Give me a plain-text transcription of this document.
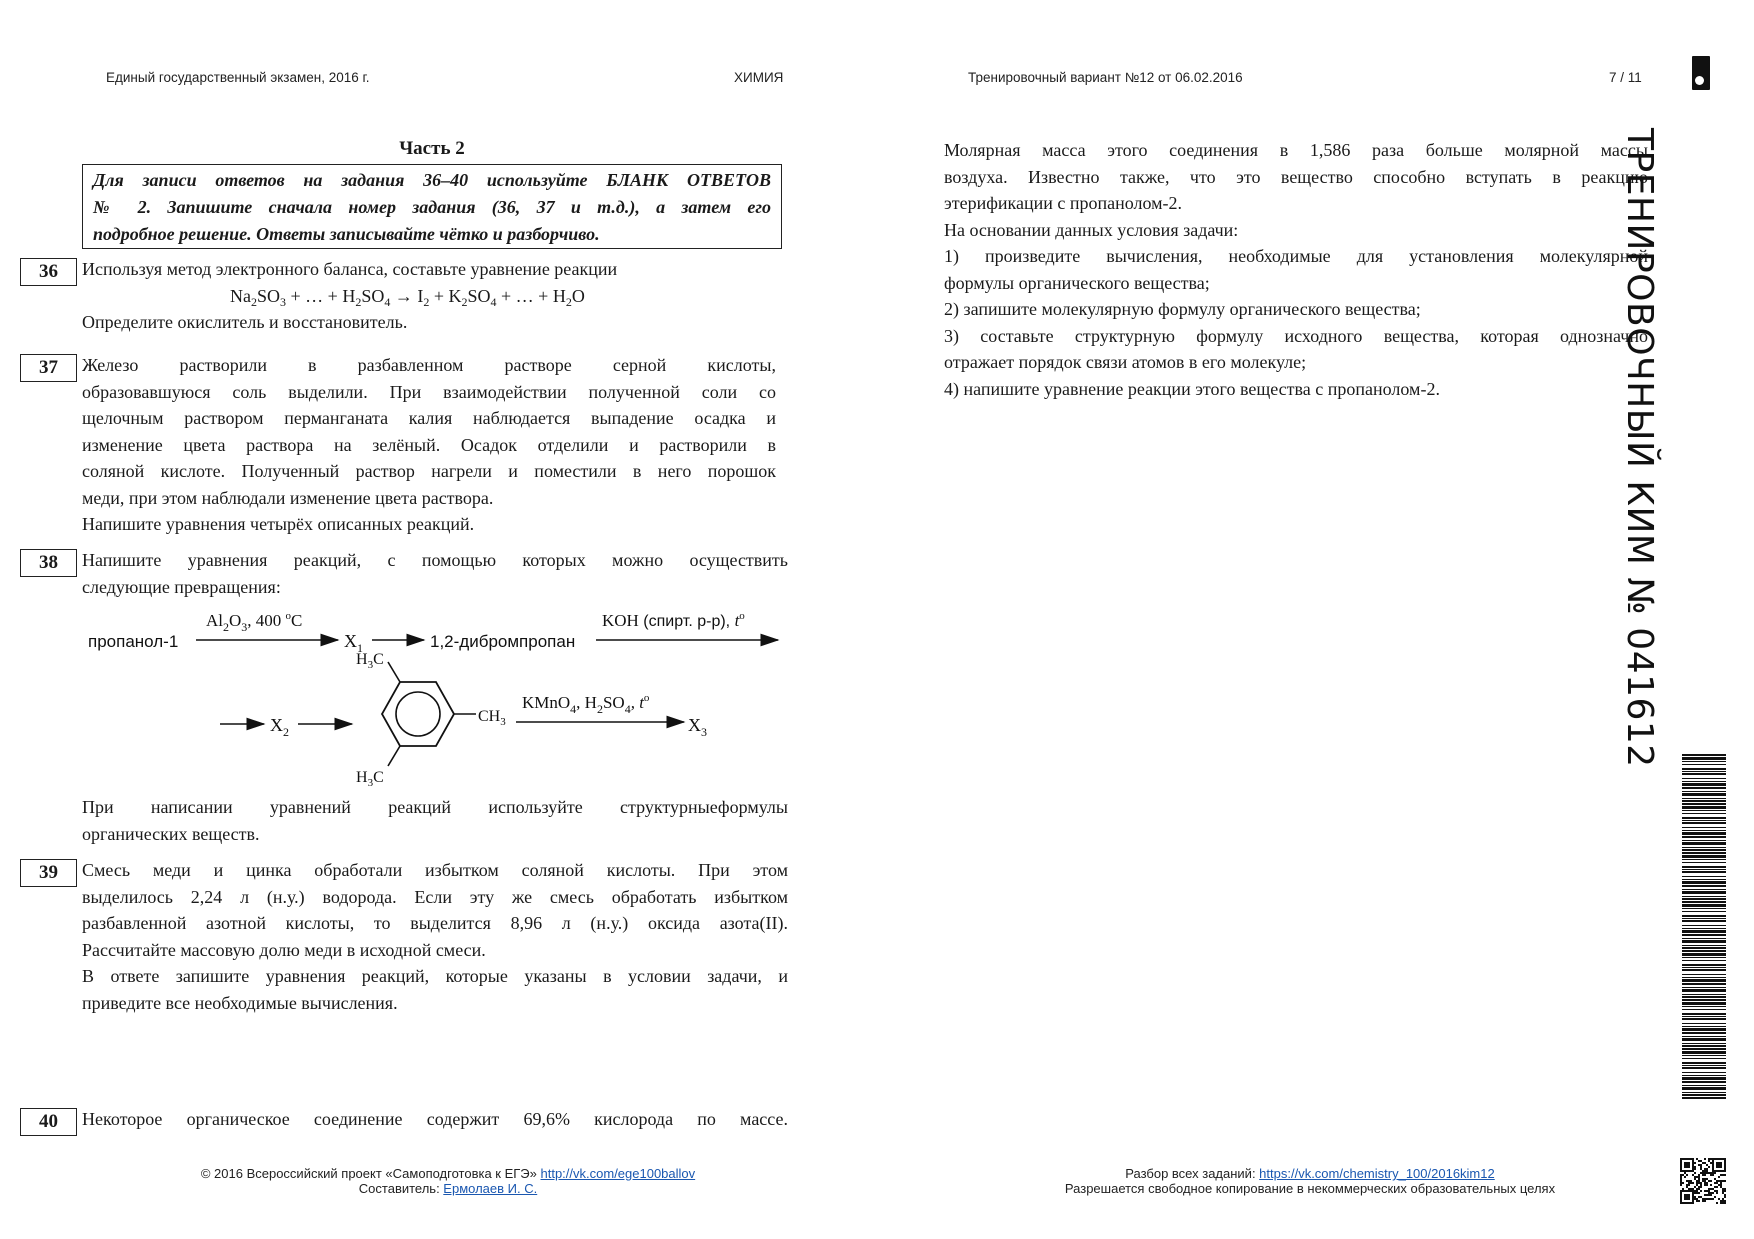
Единый государственный экзамен, 2016 г.	ХИМИЯ	Тренировочный вариант №12 от 06.02.2016	7 / 11
Часть 2
Для записи ответов на задания 36–40 используйте БЛАНК ОТВЕТОВ
№ 2. Запишите сначала номер задания (36, 37 и т.д.), а затем его
подробное решение. Ответы записывайте чётко и разборчиво.
36	Используя метод электронного баланса, составьте уравнение реакции
$Na_2SO_3$ + … + $H_2SO_4 \to I_2 + K_2SO_4$ + … + $H_2O$
Определите окислитель и восстановитель.
37	Железо растворили в разбавленном растворе серной кислоты,
образовавшуюся соль выделили. При взаимодействии полученной соли со
щелочным раствором перманганата калия наблюдается выпадение осадка и
изменение цвета раствора на зелёный. Осадок отделили и растворили в
соляной кислоте. Полученный раствор нагрели и поместили в него порошок
меди, при этом наблюдали изменение цвета раствора.
Напишите уравнения четырёх описанных реакций.
38	Напишите уравнения реакций, с помощью которых можно осуществить
следующие превращения:
пропанол-1
$Al_2O_3$, 400 $^o$C
$X_1$	1,2-дибромпропан
KOH (спирт. р-р), $t^o$
$X_2$
$H_3C$
$CH_3$
$H_3C$
KMnO$_4$, $H_2SO_4$, $t^o$
$X_3$
При написании уравнений реакций используйте структурныеформулы
органических веществ.
39	Смесь меди и цинка обработали избытком соляной кислоты. При этом
выделилось 2,24 л (н.у.) водорода. Если эту же смесь обработать избытком
разбавленной азотной кислоты, то выделится 8,96 л (н.у.) оксида азота(II).
Рассчитайте массовую долю меди в исходной смеси.
В ответе запишите уравнения реакций, которые указаны в условии задачи, и
приведите все необходимые вычисления.
40	Некоторое органическое соединение содержит 69,6% кислорода по массе.
Молярная масса этого соединения в 1,586 раза больше молярной массы
воздуха. Известно также, что это вещество способно вступать в реакцию
этерификации с пропанолом-2.
На основании данных условия задачи:
1) произведите вычисления, необходимые для установления молекулярной
формулы органического вещества;
2) запишите молекулярную формулу органического вещества;
3) составьте структурную формулу исходного вещества, которая однозначно
отражает порядок связи атомов в его молекуле;
4) напишите уравнение реакции этого вещества с пропанолом-2.
© 2016 Всероссийский проект «Самоподготовка к ЕГЭ» http://vk.com/ege100ballov
Составитель: Ермолаев И. С.
Разбор всех заданий: https://vk.com/chemistry_100/2016kim12
Разрешается свободное копирование в некоммерческих образовательных целях
ТРЕНИРОВОЧНЫЙ КИМ № 041612
